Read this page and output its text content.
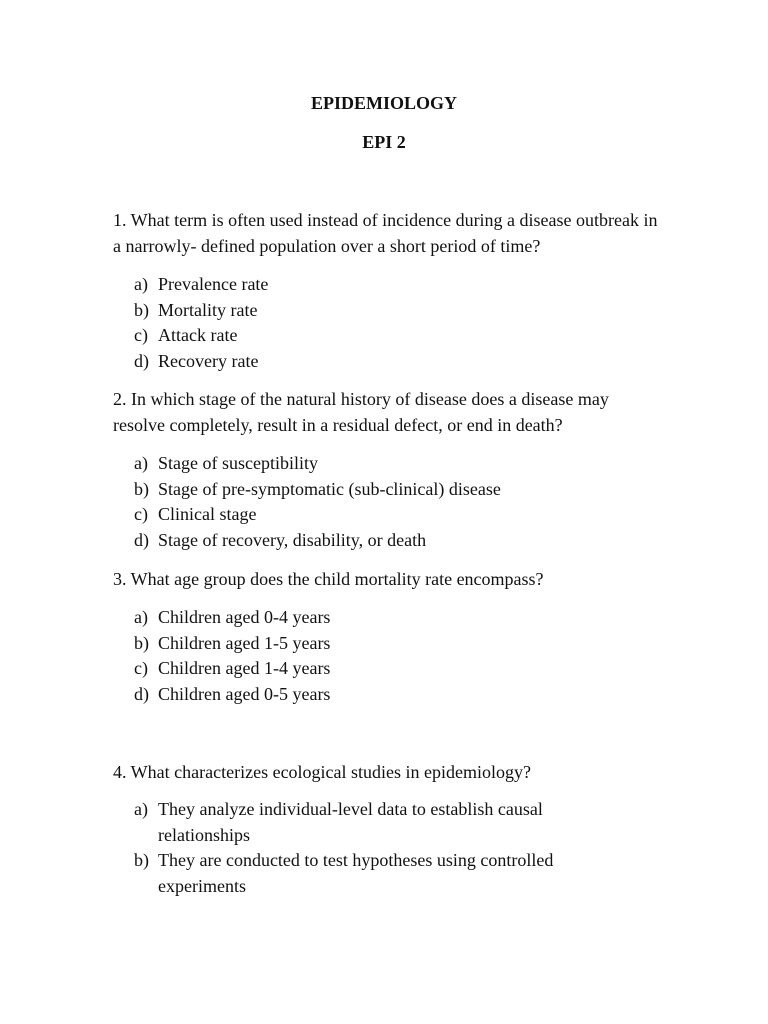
EPIDEMIOLOGY
EPI 2
1. What term is often used instead of incidence during a disease outbreak in a narrowly- defined population over a short period of time?
a) Prevalence rate
b) Mortality rate
c) Attack rate
d) Recovery rate
2. In which stage of the natural history of disease does a disease may resolve completely, result in a residual defect, or end in death?
a) Stage of susceptibility
b) Stage of pre-symptomatic (sub-clinical) disease
c) Clinical stage
d) Stage of recovery, disability, or death
3. What age group does the child mortality rate encompass?
a) Children aged 0-4 years
b) Children aged 1-5 years
c) Children aged 1-4 years
d) Children aged 0-5 years
4. What characterizes ecological studies in epidemiology?
a) They analyze individual-level data to establish causal relationships
b) They are conducted to test hypotheses using controlled experiments
